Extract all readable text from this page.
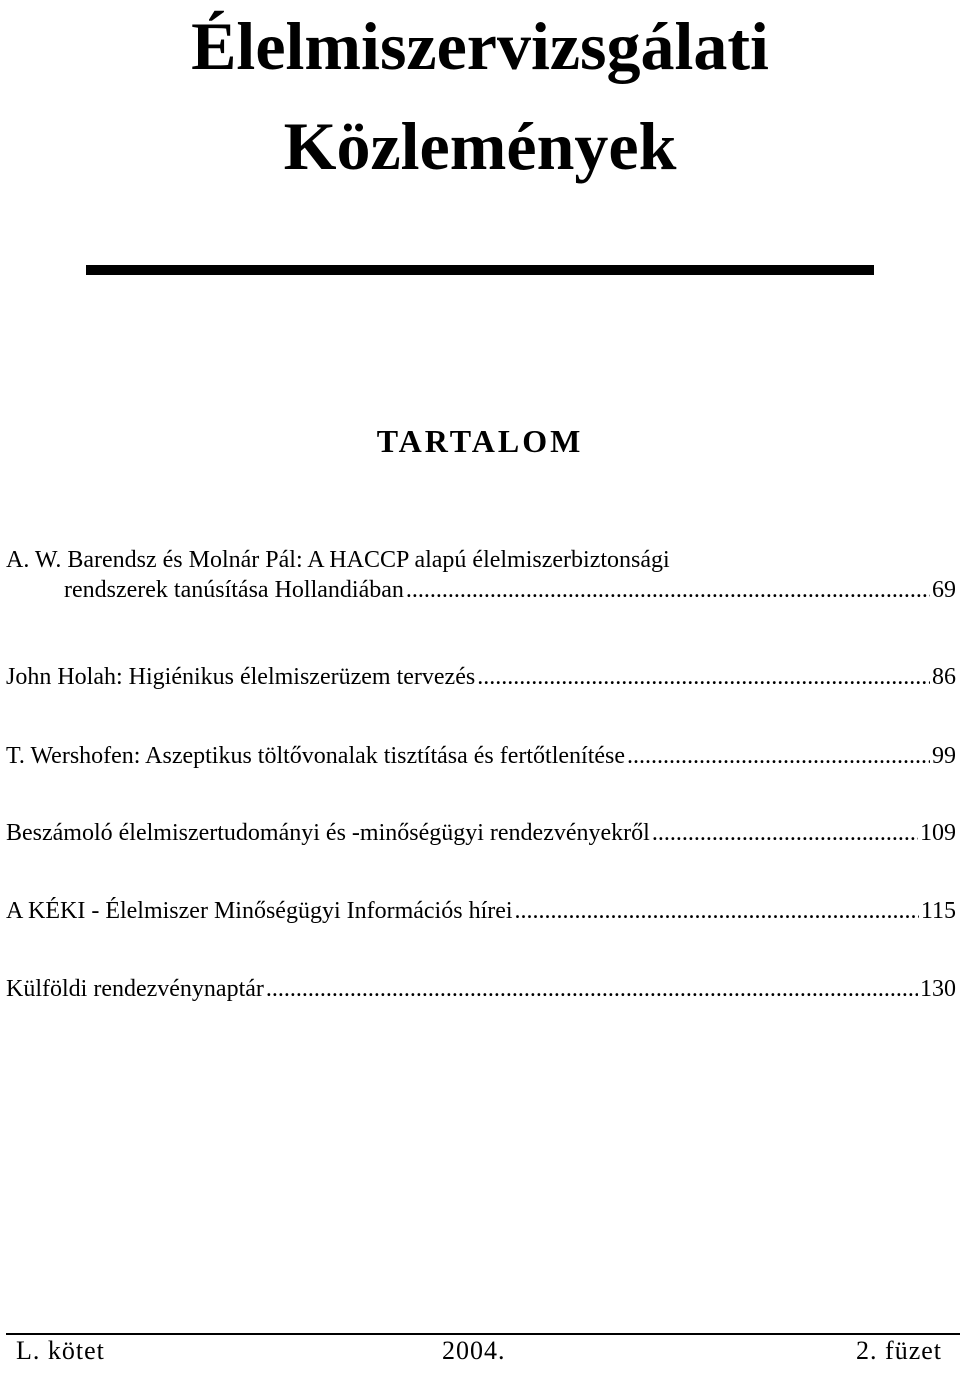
Élelmiszervizsgálati
Közlemények
TARTALOM
A. W. Barendsz és Molnár Pál: A HACCP alapú élelmiszerbiztonsági
rendszerek tanúsítása Hollandiában .....	69
John Holah: Higiénikus élelmiszerüzem tervezés .....	86
T. Wershofen: Aszeptikus töltővonalak tisztítása és fertőtlenítése .....	99
Beszámoló élelmiszertudományi és -minőségügyi rendezvényekről .....	109
A KÉKI - Élelmiszer Minőségügyi Információs hírei .....	115
Külföldi rendezvénynaptár .....	130
L. kötet	2004.	2. füzet
